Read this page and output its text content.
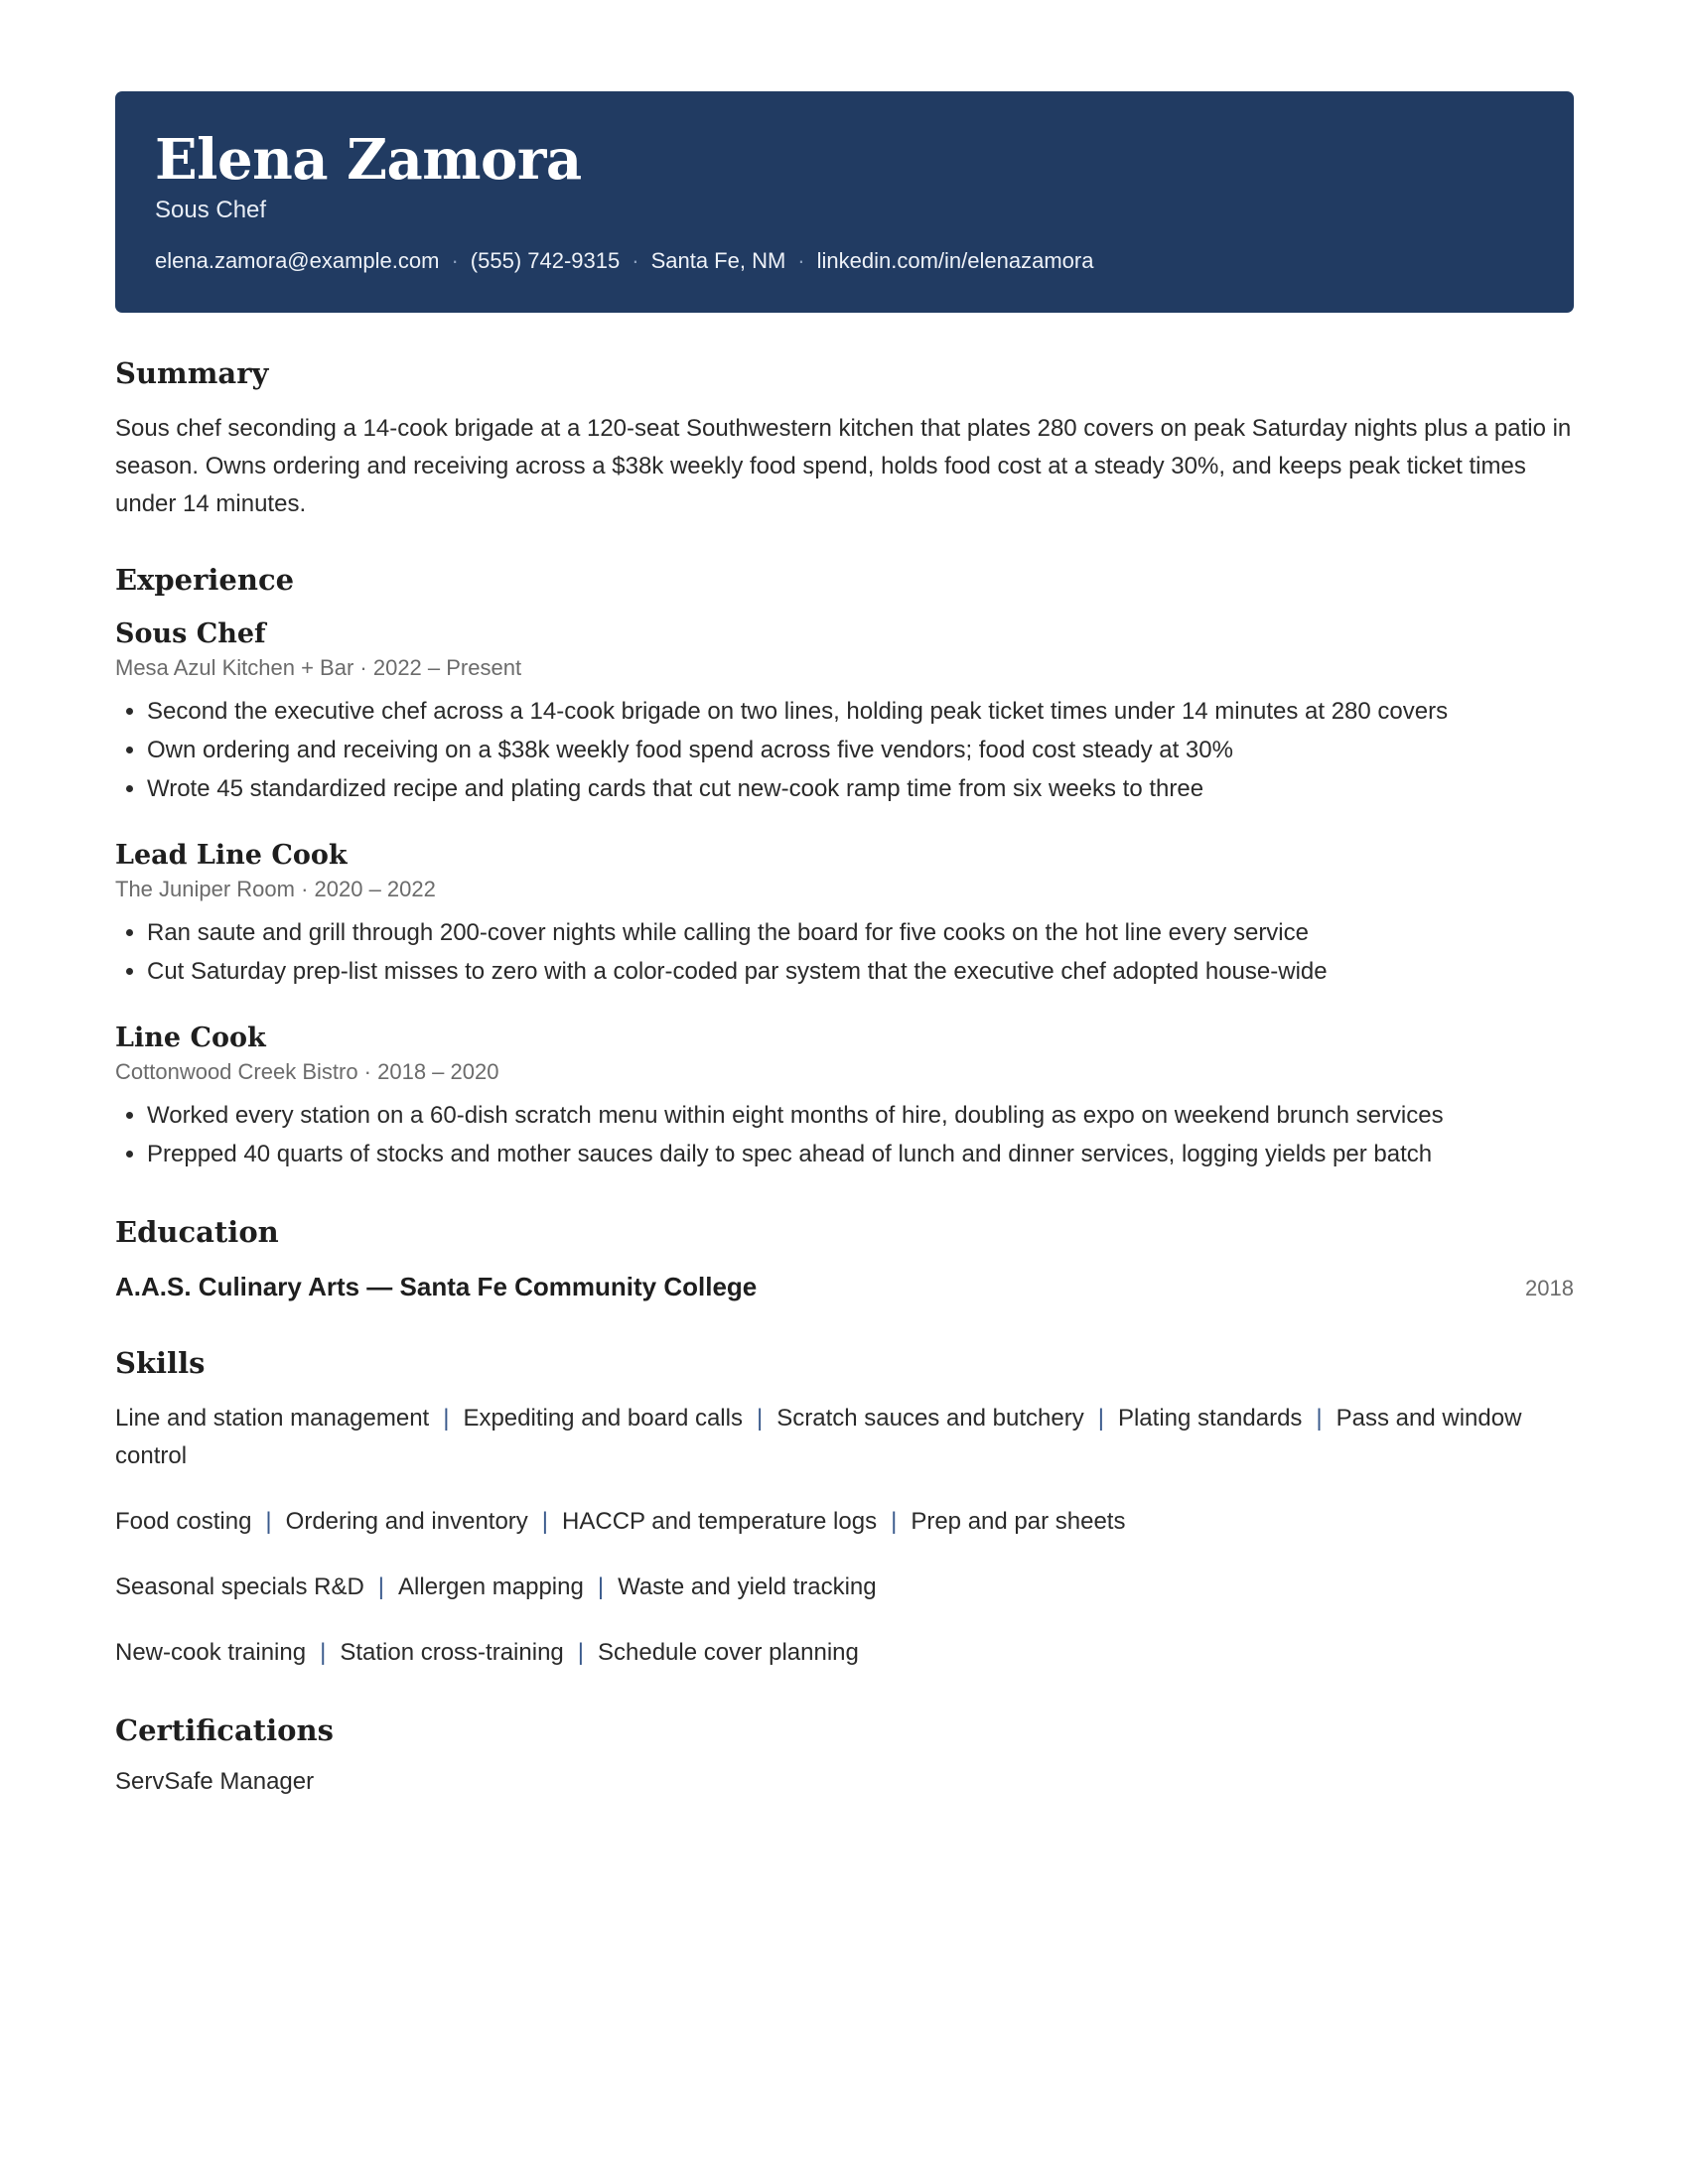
Elena Zamora
Sous Chef
elena.zamora@example.com · (555) 742-9315 · Santa Fe, NM · linkedin.com/in/elenazamora
Summary
Sous chef seconding a 14-cook brigade at a 120-seat Southwestern kitchen that plates 280 covers on peak Saturday nights plus a patio in season. Owns ordering and receiving across a $38k weekly food spend, holds food cost at a steady 30%, and keeps peak ticket times under 14 minutes.
Experience
Sous Chef
Mesa Azul Kitchen + Bar · 2022 – Present
• Second the executive chef across a 14-cook brigade on two lines, holding peak ticket times under 14 minutes at 280 covers
• Own ordering and receiving on a $38k weekly food spend across five vendors; food cost steady at 30%
• Wrote 45 standardized recipe and plating cards that cut new-cook ramp time from six weeks to three
Lead Line Cook
The Juniper Room · 2020 – 2022
• Ran saute and grill through 200-cover nights while calling the board for five cooks on the hot line every service
• Cut Saturday prep-list misses to zero with a color-coded par system that the executive chef adopted house-wide
Line Cook
Cottonwood Creek Bistro · 2018 – 2020
• Worked every station on a 60-dish scratch menu within eight months of hire, doubling as expo on weekend brunch services
• Prepped 40 quarts of stocks and mother sauces daily to spec ahead of lunch and dinner services, logging yields per batch
Education
A.A.S. Culinary Arts — Santa Fe Community College	2018
Skills
Line and station management | Expediting and board calls | Scratch sauces and butchery | Plating standards | Pass and window control
Food costing | Ordering and inventory | HACCP and temperature logs | Prep and par sheets
Seasonal specials R&D | Allergen mapping | Waste and yield tracking
New-cook training | Station cross-training | Schedule cover planning
Certifications
ServSafe Manager
